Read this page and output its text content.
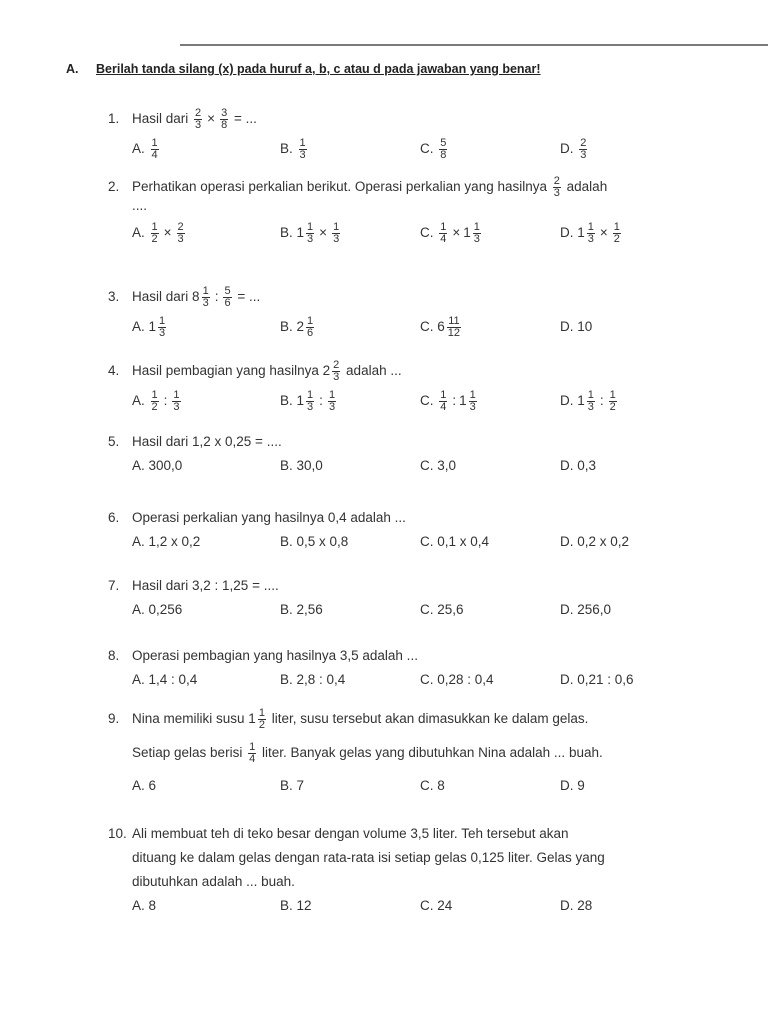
A. Berilah tanda silang (x) pada huruf a, b, c atau d pada jawaban yang benar!
1. Hasil dari $\frac{2}{3} \times \frac{3}{8}$ = ...
A. $\frac{1}{4}$	B. $\frac{1}{3}$	C. $\frac{5}{8}$	D. $\frac{2}{3}$
2. Perhatikan operasi perkalian berikut. Operasi perkalian yang hasilnya $\frac{2}{3}$ adalah
....
A. $\frac{1}{2} \times \frac{2}{3}$	B. $1 \frac{1}{3} \times \frac{1}{3}$	C. $\frac{1}{4} \times 1 \frac{1}{3}$	D. $1 \frac{1}{3} \times \frac{1}{2}$
3. Hasil dari $8 \frac{1}{3}$ : $\frac{5}{6}$ = ...
A. $1 \frac{1}{3}$	B. $2 \frac{1}{6}$	C. $6 \frac{11}{12}$	D. 10
4. Hasil pembagian yang hasilnya $2 \frac{2}{3}$ adalah ...
A. $\frac{1}{2}$ : $\frac{1}{3}$	B. $1 \frac{1}{3}$ : $\frac{1}{3}$	C. $\frac{1}{4}$ : $1 \frac{1}{3}$	D. $1 \frac{1}{3}$ : $\frac{1}{2}$
5. Hasil dari 1,2 x 0,25 = ....
A. 300,0	B. 30,0	C. 3,0	D. 0,3
6. Operasi perkalian yang hasilnya 0,4 adalah ...
A. 1,2 x 0,2	B. 0,5 x 0,8	C. 0,1 x 0,4	D. 0,2 x 0,2
7. Hasil dari 3,2 : 1,25 = ....
A. 0,256	B. 2,56	C. 25,6	D. 256,0
8. Operasi pembagian yang hasilnya 3,5 adalah ...
A. 1,4 : 0,4	B. 2,8 : 0,4	C. 0,28 : 0,4	D. 0,21 : 0,6
9. Nina memiliki susu $1 \frac{1}{2}$ liter, susu tersebut akan dimasukkan ke dalam gelas.
Setiap gelas berisi $\frac{1}{4}$ liter. Banyak gelas yang dibutuhkan Nina adalah ... buah.
A. 6	B. 7	C. 8	D. 9
10. Ali membuat teh di teko besar dengan volume 3,5 liter. Teh tersebut akan
dituang ke dalam gelas dengan rata-rata isi setiap gelas 0,125 liter. Gelas yang
dibutuhkan adalah ... buah.
A. 8	B. 12	C. 24	D. 28
